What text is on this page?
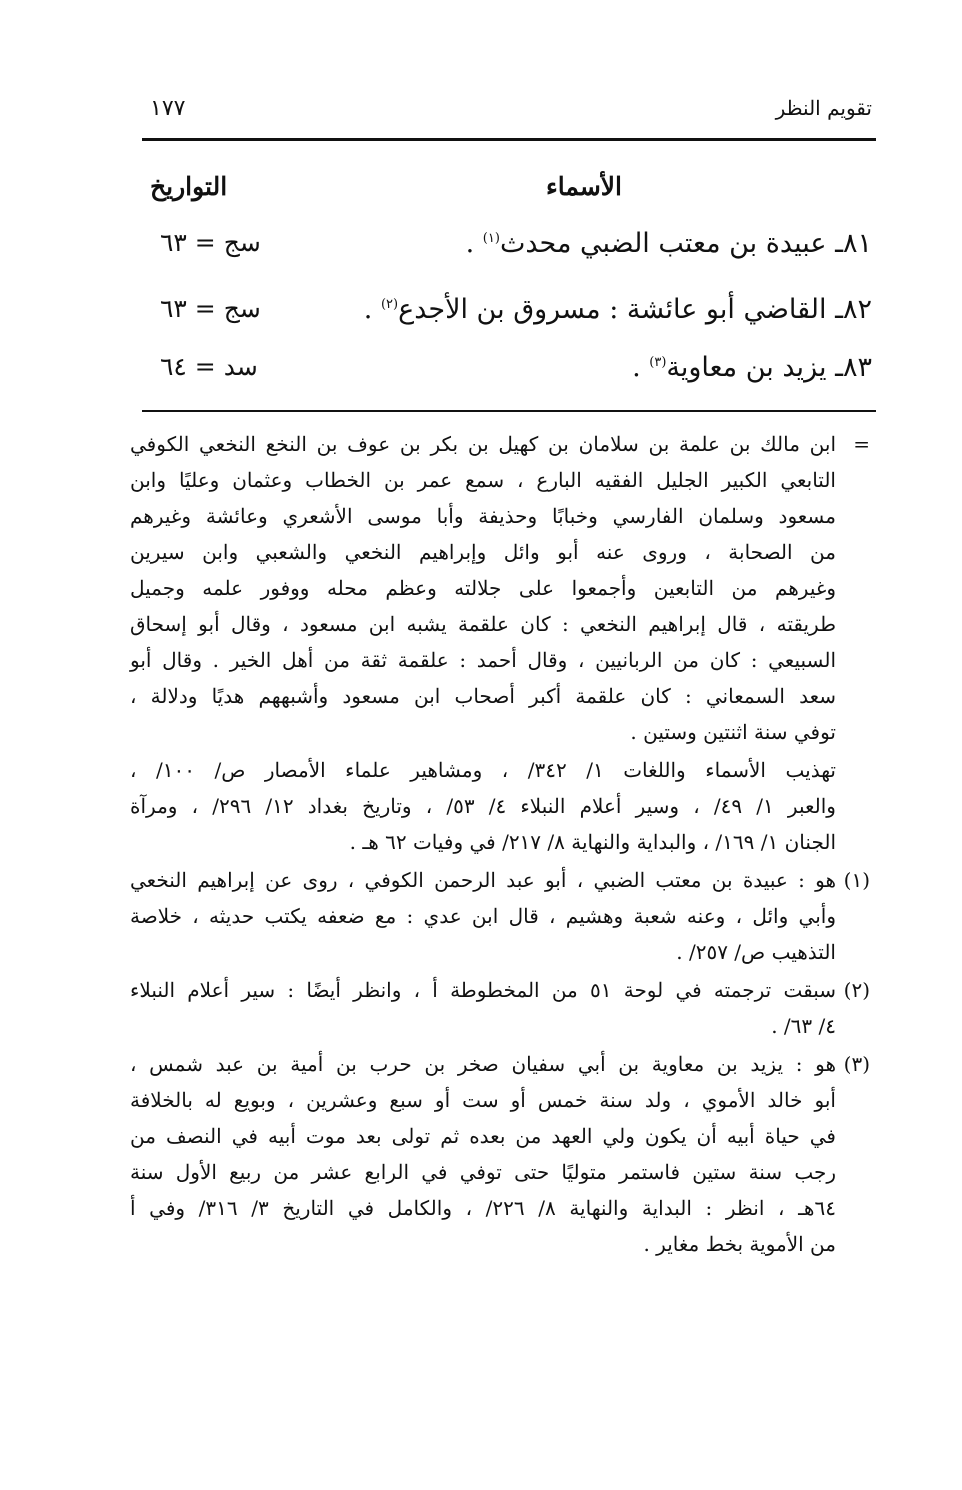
تقويم النظر
١٧٧
الأسماء
التواريخ
٨١ـ عبيدة بن معتب الضبي محدث$^{(١)}$ .
سج = ٦٣
٨٢ـ القاضي أبو عائشة : مسروق بن الأجدع$^{(٢)}$ .
سج = ٦٣
٨٣ـ يزيد بن معاوية$^{(٣)}$ .
سد = ٦٤
=
ابن مالك بن علمة بن سلامان بن كهيل بن بكر بن عوف بن النخع النخعي الكوفي
التابعي الكبير الجليل الفقيه البارع ، سمع عمر بن الخطاب وعثمان وعليًا وابن
مسعود وسلمان الفارسي وخبابًا وحذيفة وأبا موسى الأشعري وعائشة وغيرهم
من الصحابة ، وروى عنه أبو وائل وإبراهيم النخعي والشعبي وابن سيرين
وغيرهم من التابعين وأجمعوا على جلالته وعظم محله ووفور علمه وجميل
طريقته ، قال إبراهيم النخعي : كان علقمة يشبه ابن مسعود ، وقال أبو إسحاق
السبيعي : كان من الربانيين ، وقال أحمد : علقمة ثقة من أهل الخير . وقال أبو
سعد السمعاني : كان علقمة أكبر أصحاب ابن مسعود وأشبههم هديًا ودلالة ،
توفي سنة اثنتين وستين .
تهذيب الأسماء واللغات ١/ ٣٤٢/ ، ومشاهير علماء الأمصار ص/ ١٠٠/ ،
والعبر ١/ ٤٩/ ، وسير أعلام النبلاء ٤/ ٥٣/ ، وتاريخ بغداد ١٢/ ٢٩٦/ ، ومرآة
الجنان ١/ ١٦٩/ ، والبداية والنهاية ٨/ ٢١٧/ في وفيات ٦٢ هـ .
(١)
هو : عبيدة بن معتب الضبي ، أبو عبد الرحمن الكوفي ، روى عن إبراهيم النخعي
وأبي وائل ، وعنه شعبة وهشيم ، قال ابن عدي : مع ضعفه يكتب حديثه ، خلاصة
التذهيب ص/ ٢٥٧/ .
(٢)
سبقت ترجمته في لوحة ٥١ من المخطوطة أ ، وانظر أيضًا : سير أعلام النبلاء
٤/ ٦٣/ .
(٣)
هو : يزيد بن معاوية بن أبي سفيان صخر بن حرب بن أمية بن عبد شمس ،
أبو خالد الأموي ، ولد سنة خمس أو ست أو سبع وعشرين ، وبويع له بالخلافة
في حياة أبيه أن يكون ولي العهد من بعده ثم تولى بعد موت أبيه في النصف من
رجب سنة ستين فاستمر متوليًا حتى توفي في الرابع عشر من ربيع الأول سنة
٦٤هـ ، انظر : البداية والنهاية ٨/ ٢٢٦/ ، والكامل في التاريخ ٣/ ٣١٦/ وفي أ
من الأموية بخط مغاير .
